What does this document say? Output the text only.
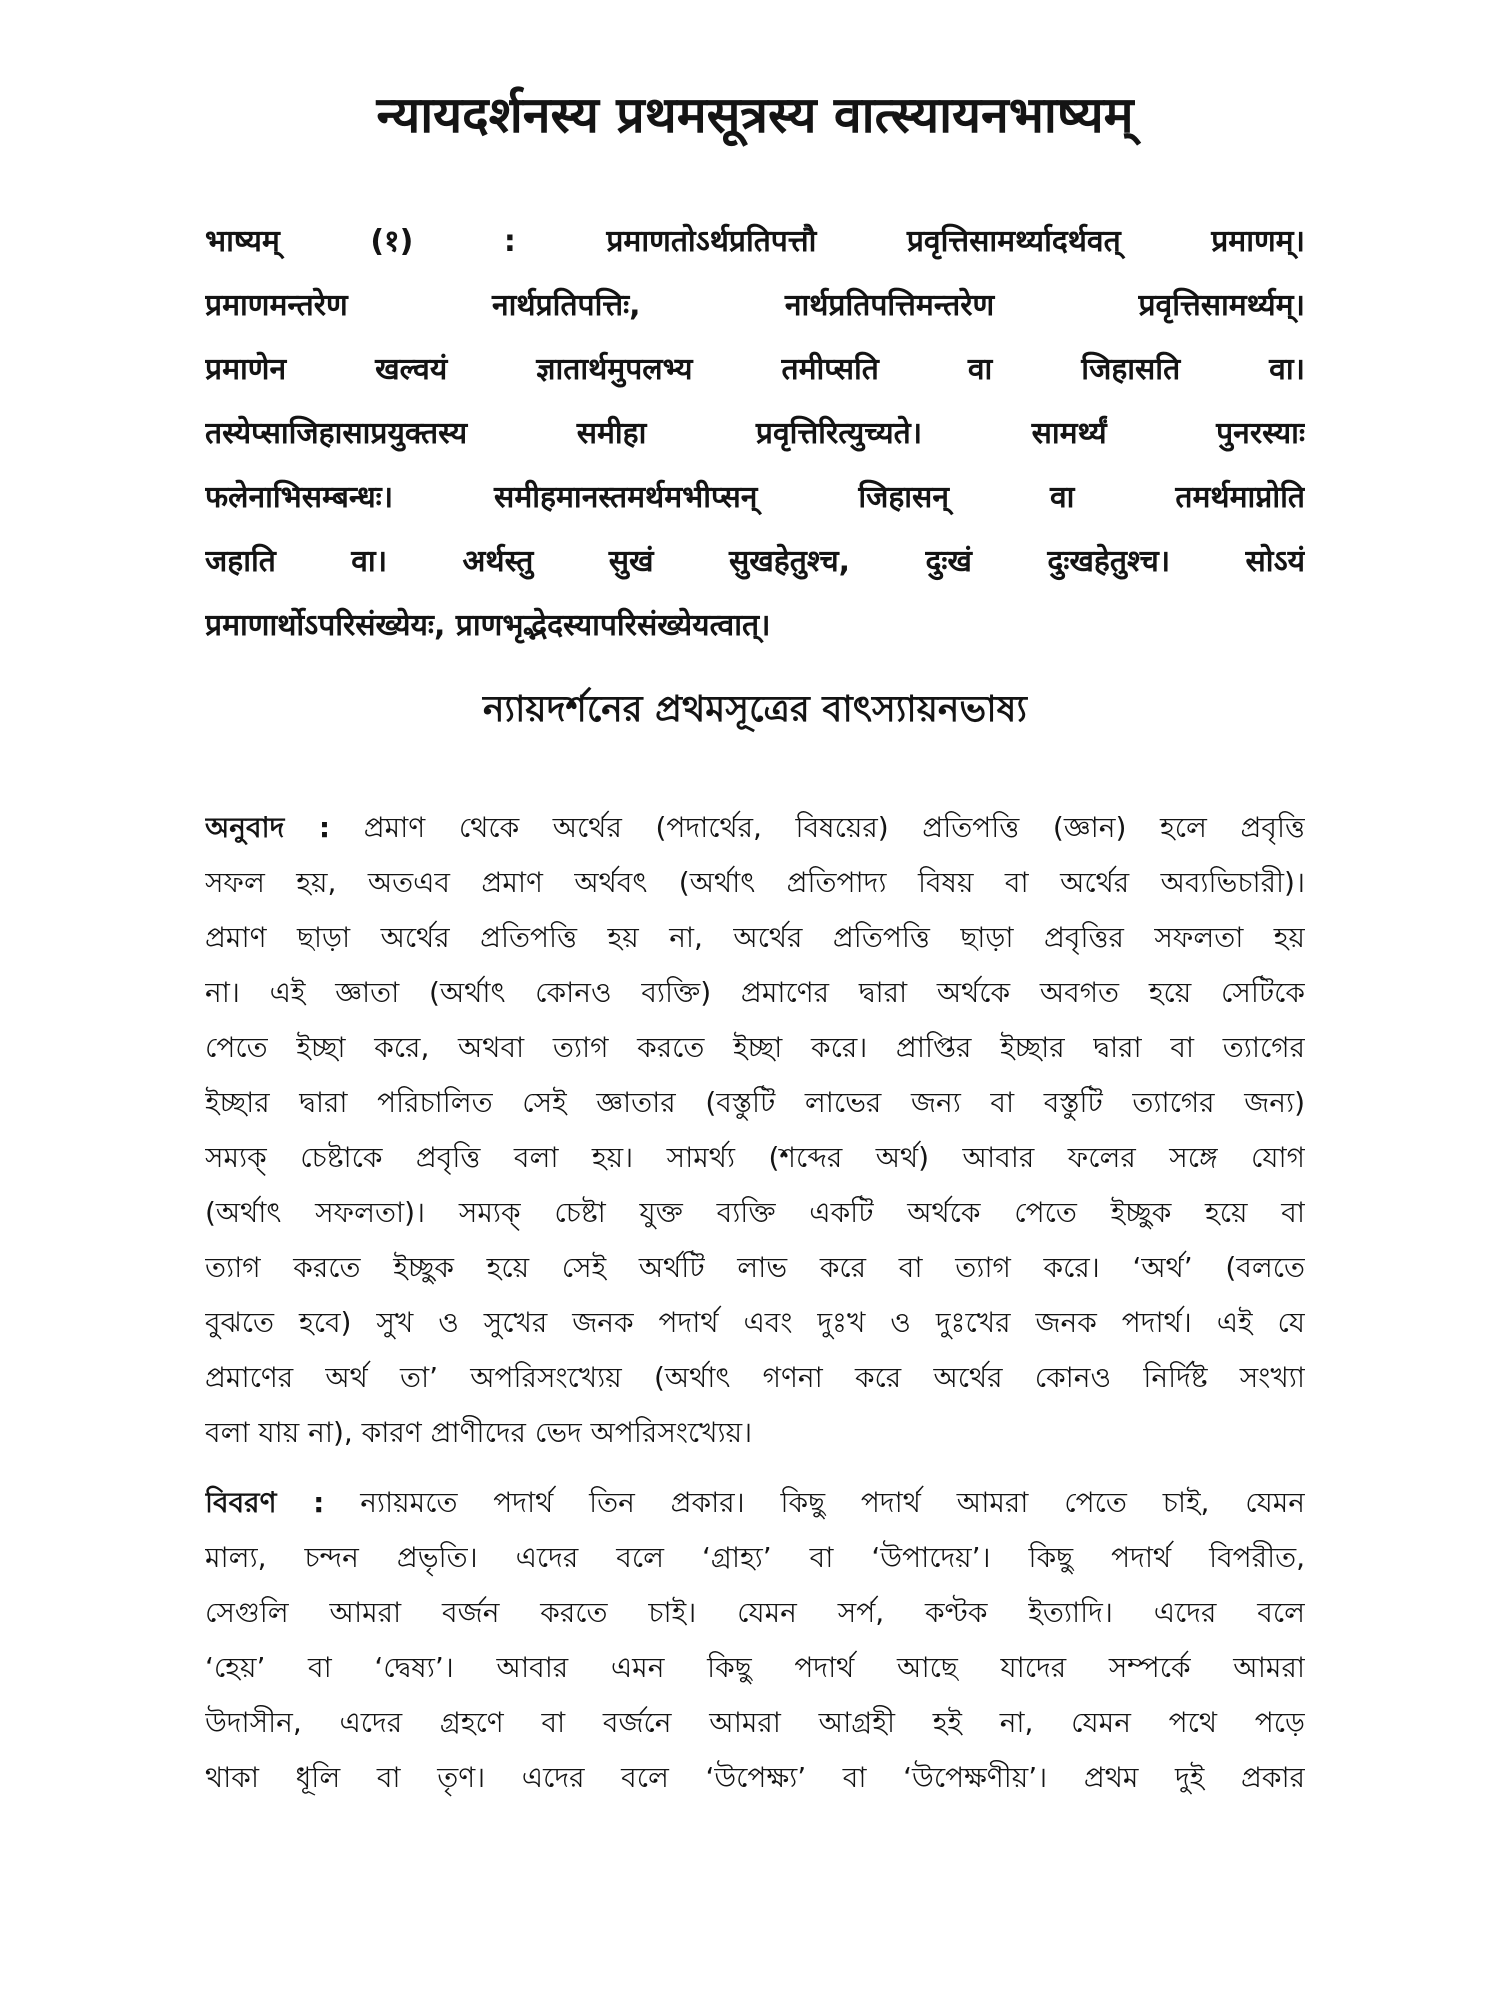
न्यायदर्शनस्य प्रथमसूत्रस्य वात्स्यायनभाष्यम्
भाष्यम् (१) : प्रमाणतोऽर्थप्रतिपत्तौ प्रवृत्तिसामर्थ्यादर्थवत् प्रमाणम्।
प्रमाणमन्तरेण नार्थप्रतिपत्तिः, नार्थप्रतिपत्तिमन्तरेण प्रवृत्तिसामर्थ्यम्।
प्रमाणेन खल्वयं ज्ञातार्थमुपलभ्य तमीप्सति वा जिहासति वा।
तस्येप्साजिहासाप्रयुक्तस्य समीहा प्रवृत्तिरित्युच्यते। सामर्थ्यं पुनरस्याः
फलेनाभिसम्बन्धः। समीहमानस्तमर्थमभीप्सन् जिहासन् वा तमर्थमाप्नोति
जहाति वा। अर्थस्तु सुखं सुखहेतुश्च, दुःखं दुःखहेतुश्च। सोऽयं
प्रमाणार्थोऽपरिसंख्येयः, प्राणभृद्भेदस्यापरिसंख्येयत्वात्।
ন্যায়দর্শনের প্রথমসূত্রের বাৎস্যায়নভাষ্য
অনুবাদ : প্রমাণ থেকে অর্থের (পদার্থের, বিষয়ের) প্রতিপত্তি (জ্ঞান) হলে প্রবৃত্তি
সফল হয়, অতএব প্রমাণ অর্থবৎ (অর্থাৎ প্রতিপাদ্য বিষয় বা অর্থের অব্যভিচারী)।
প্রমাণ ছাড়া অর্থের প্রতিপত্তি হয় না, অর্থের প্রতিপত্তি ছাড়া প্রবৃত্তির সফলতা হয়
না। এই জ্ঞাতা (অর্থাৎ কোনও ব্যক্তি) প্রমাণের দ্বারা অর্থকে অবগত হয়ে সেটিকে
পেতে ইচ্ছা করে, অথবা ত্যাগ করতে ইচ্ছা করে। প্রাপ্তির ইচ্ছার দ্বারা বা ত্যাগের
ইচ্ছার দ্বারা পরিচালিত সেই জ্ঞাতার (বস্তুটি লাভের জন্য বা বস্তুটি ত্যাগের জন্য)
সম্যক্ চেষ্টাকে প্রবৃত্তি বলা হয়। সামর্থ্য (শব্দের অর্থ) আবার ফলের সঙ্গে যোগ
(অর্থাৎ সফলতা)। সম্যক্ চেষ্টা যুক্ত ব্যক্তি একটি অর্থকে পেতে ইচ্ছুক হয়ে বা
ত্যাগ করতে ইচ্ছুক হয়ে সেই অর্থটি লাভ করে বা ত্যাগ করে। ‘অর্থ’ (বলতে
বুঝতে হবে) সুখ ও সুখের জনক পদার্থ এবং দুঃখ ও দুঃখের জনক পদার্থ। এই যে
প্রমাণের অর্থ তা’ অপরিসংখ্যেয় (অর্থাৎ গণনা করে অর্থের কোনও নির্দিষ্ট সংখ্যা
বলা যায় না), কারণ প্রাণীদের ভেদ অপরিসংখ্যেয়।
বিবরণ : ন্যায়মতে পদার্থ তিন প্রকার। কিছু পদার্থ আমরা পেতে চাই, যেমন
মাল্য, চন্দন প্রভৃতি। এদের বলে ‘গ্রাহ্য’ বা ‘উপাদেয়’। কিছু পদার্থ বিপরীত,
সেগুলি আমরা বর্জন করতে চাই। যেমন সর্প, কণ্টক ইত্যাদি। এদের বলে
‘হেয়’ বা ‘দ্বেষ্য’। আবার এমন কিছু পদার্থ আছে যাদের সম্পর্কে আমরা
উদাসীন, এদের গ্রহণে বা বর্জনে আমরা আগ্রহী হই না, যেমন পথে পড়ে
থাকা ধূলি বা তৃণ। এদের বলে ‘উপেক্ষ্য’ বা ‘উপেক্ষণীয়’। প্রথম দুই প্রকার
